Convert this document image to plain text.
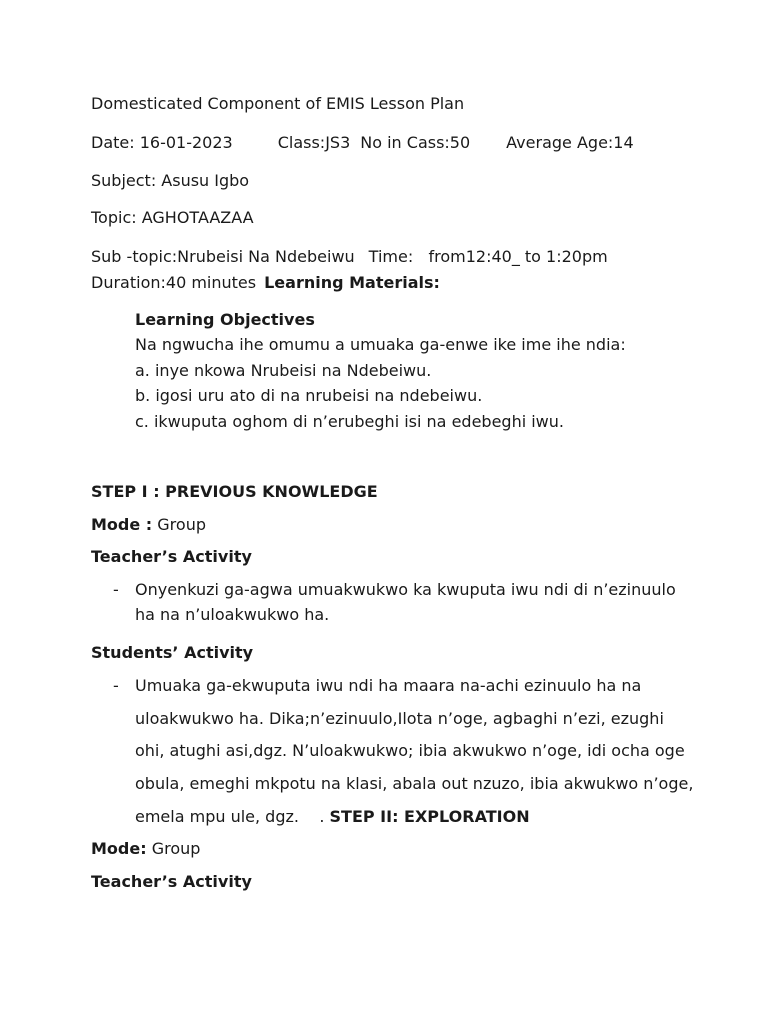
Domesticated Component of EMIS Lesson Plan
Date: 16-01-2023	Class:JS3 No in Cass:50 Average Age:14
Subject: Asusu Igbo
Topic: AGHOTAAZAA
Sub -topic:Nrubeisi Na Ndebeiwu Time:   from12:40_ to 1:20pm
Duration:40 minutes Learning Materials:
Learning Objectives
Na ngwucha ihe omumu a umuaka ga-enwe ike ime ihe ndia:
a. inye nkowa Nrubeisi na Ndebeiwu.
b. igosi uru ato di na nrubeisi na ndebeiwu.
c. ikwuputa oghom di n’erubeghi isi na edebeghi iwu.
STEP I : PREVIOUS KNOWLEDGE
Mode : Group
Teacher’s Activity
- Onyenkuzi ga-agwa umuakwukwo ka kwuputa iwu ndi di n’ezinuulo
ha na n’uloakwukwo ha.
Students’ Activity
- Umuaka ga-ekwuputa iwu ndi ha maara na-achi ezinuulo ha na
uloakwukwo ha. Dika;n’ezinuulo,Ilota n’oge, agbaghi n’ezi, ezughi
ohi, atughi asi,dgz. N’uloakwukwo; ibia akwukwo n’oge, idi ocha oge
obula, emeghi mkpotu na klasi, abala out nzuzo, ibia akwukwo n’oge,
emela mpu ule, dgz.    . STEP II: EXPLORATION
Mode: Group
Teacher’s Activity
